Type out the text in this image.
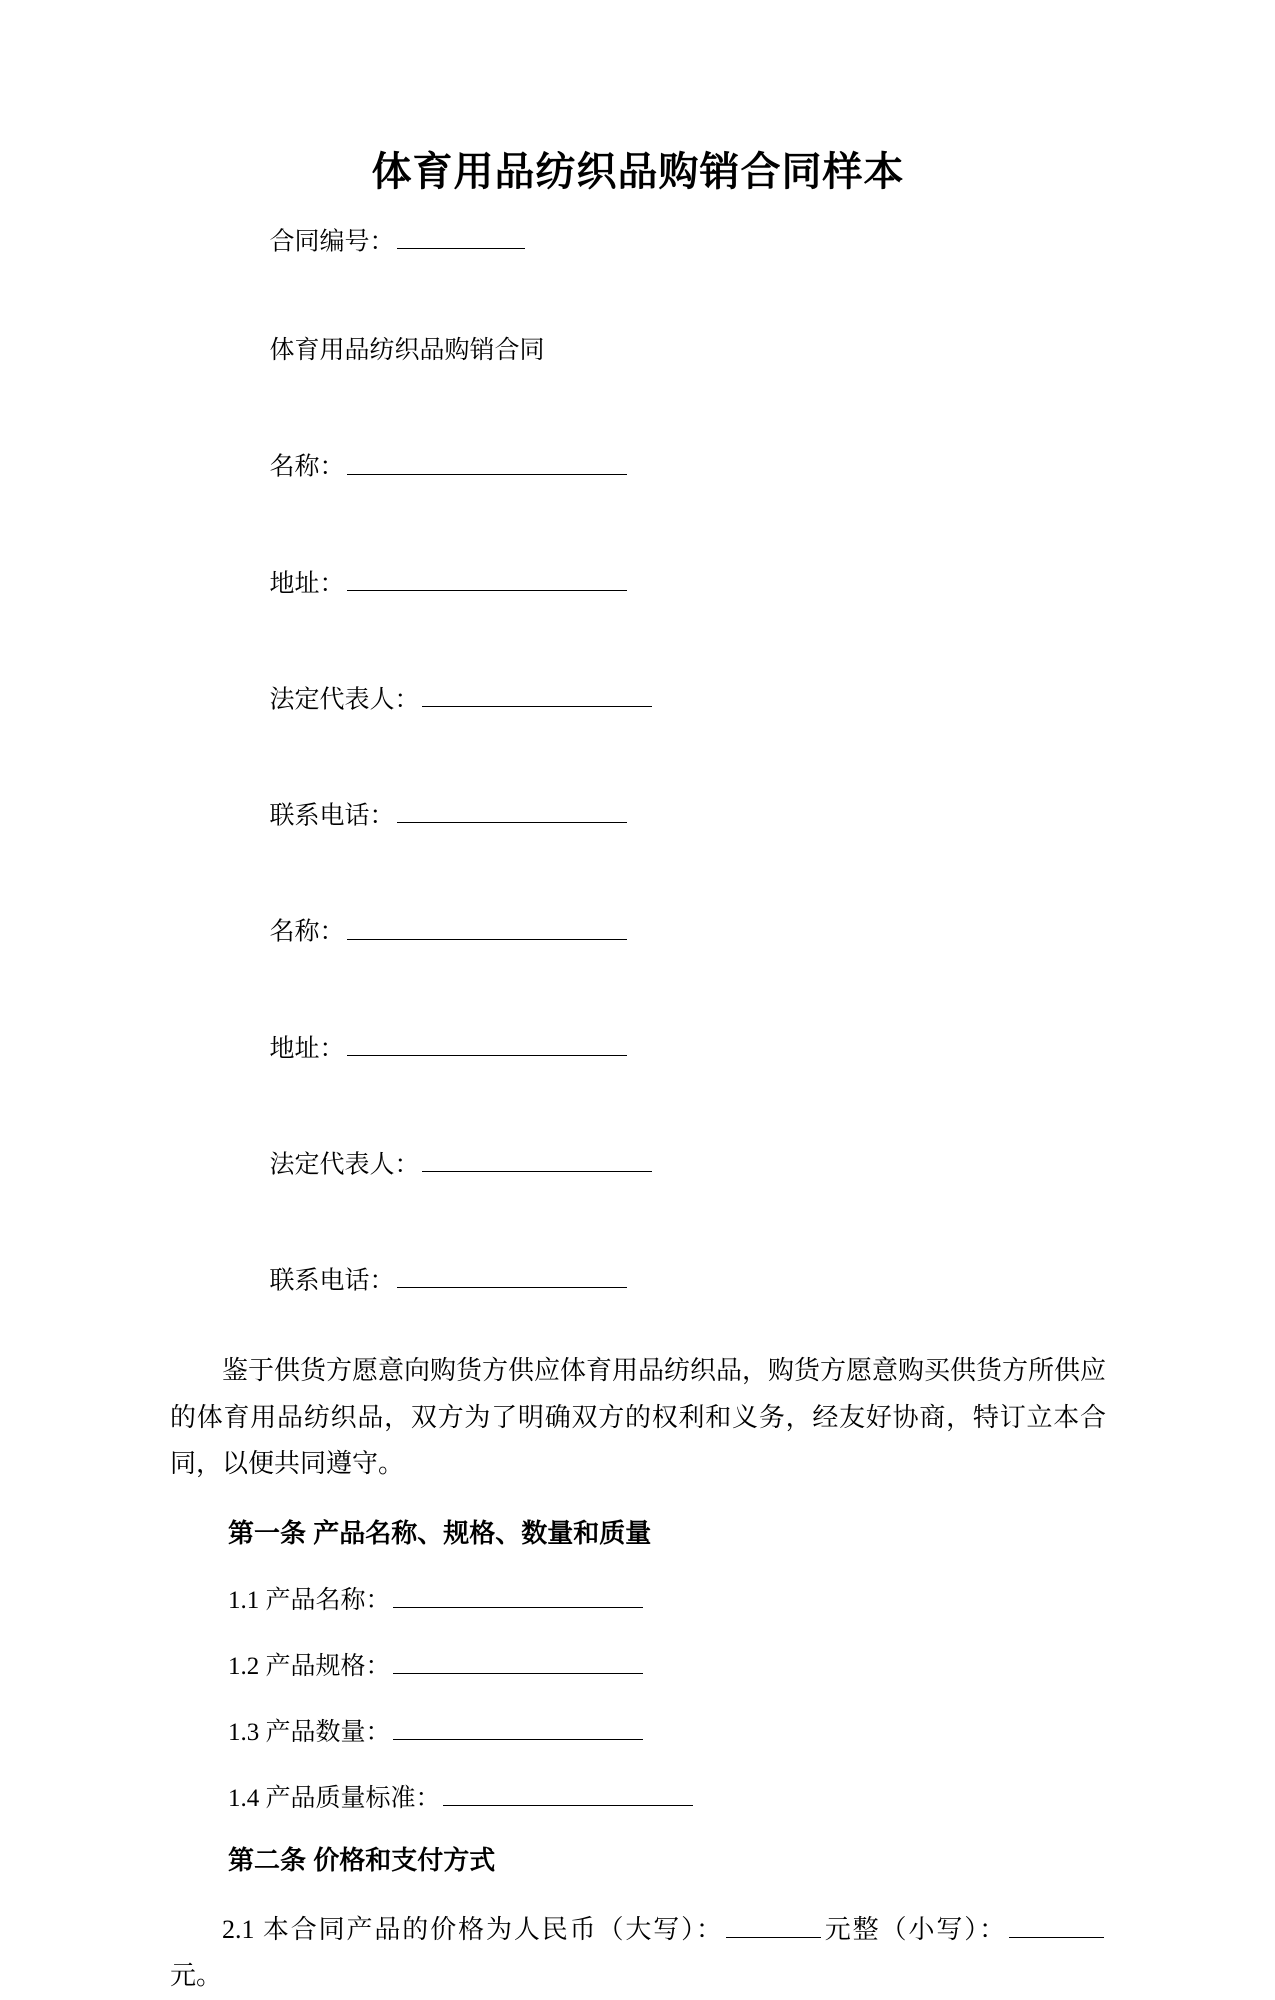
体育用品纺织品购销合同样本

合同编号：

体育用品纺织品购销合同

名称：

地址：

法定代表人：

联系电话：

名称：

地址：

法定代表人：

联系电话：

鉴于供货方愿意向购货方供应体育用品纺织品，购货方愿意购买供货方所供应的体育用品纺织品，双方为了明确双方的权利和义务，经友好协商，特订立本合同，以便共同遵守。

第一条 产品名称、规格、数量和质量

1.1 产品名称：

1.2 产品规格：

1.3 产品数量：

1.4 产品质量标准：

第二条 价格和支付方式

2.1 本合同产品的价格为人民币（大写）：	元整（小写）：元。
